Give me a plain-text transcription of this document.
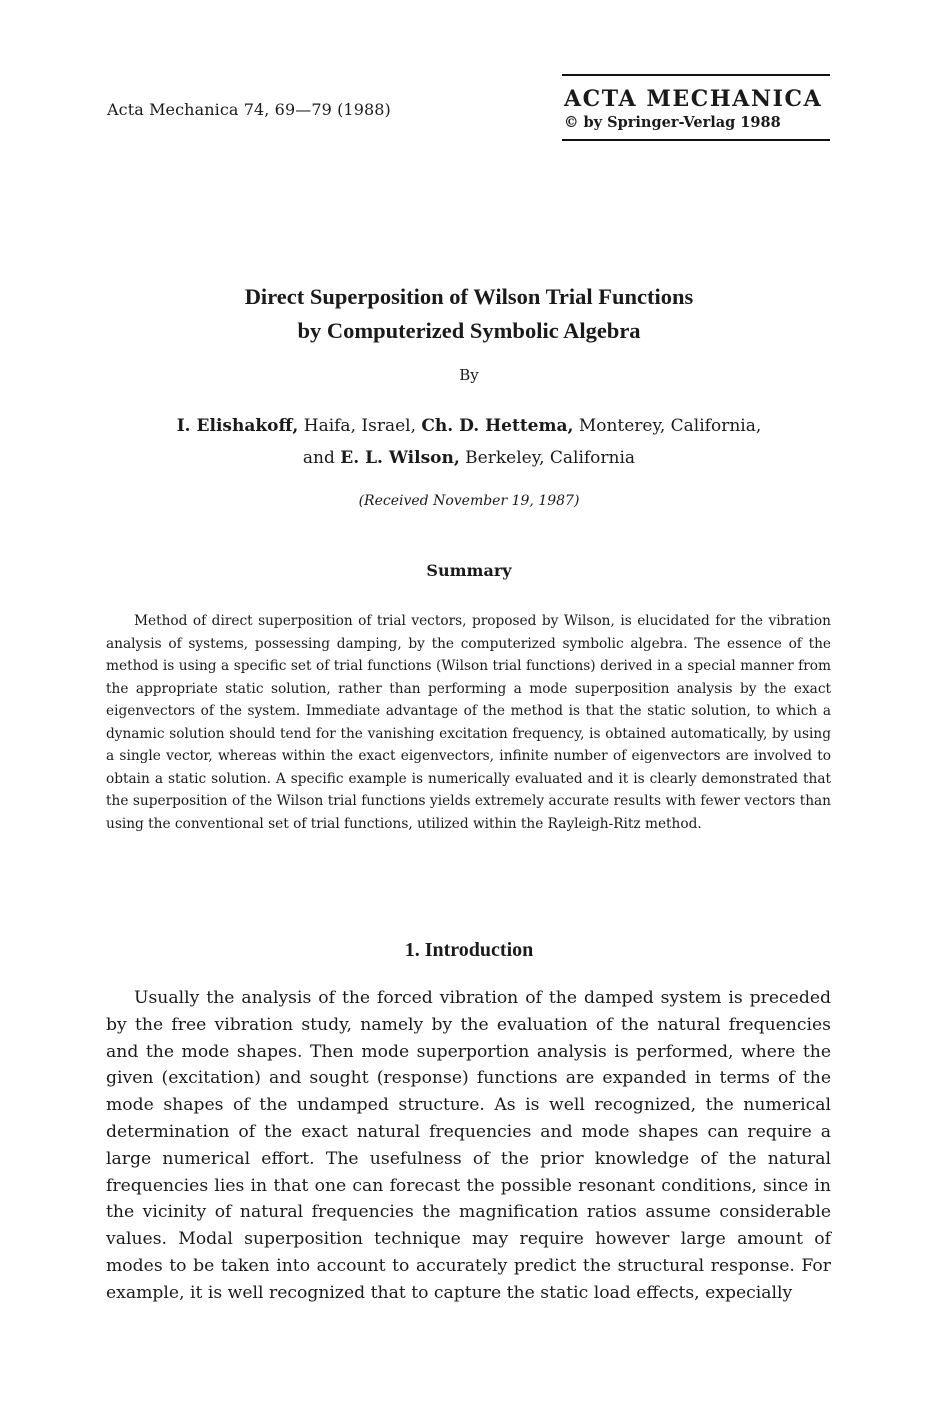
Acta Mechanica 74, 69—79 (1988)	ACTA MECHANICA
© by Springer-Verlag 1988
Direct Superposition of Wilson Trial Functions
by Computerized Symbolic Algebra
By
I. Elishakoff, Haifa, Israel, Ch. D. Hettema, Monterey, California,
and E. L. Wilson, Berkeley, California
(Received November 19, 1987)
Summary

Method of direct superposition of trial vectors, proposed by Wilson, is elucidated for the vibration analysis of systems, possessing damping, by the computerized symbolic algebra. The essence of the method is using a specific set of trial functions (Wilson trial functions) derived in a special manner from the appropriate static solution, rather than performing a mode superposition analysis by the exact eigenvectors of the system. Immediate advantage of the method is that the static solution, to which a dynamic solution should tend for the vanishing excitation frequency, is obtained automatically, by using a single vector, whereas within the exact eigenvectors, infinite number of eigenvectors are involved to obtain a static solution. A specific example is numerically evaluated and it is clearly demonstrated that the superposition of the Wilson trial functions yields extremely accurate results with fewer vectors than using the conventional set of trial functions, utilized within the Rayleigh-Ritz method.

1. Introduction

Usually the analysis of the forced vibration of the damped system is preceded by the free vibration study, namely by the evaluation of the natural frequencies and the mode shapes. Then mode superportion analysis is performed, where the given (excitation) and sought (response) functions are expanded in terms of the mode shapes of the undamped structure. As is well recognized, the numerical determination of the exact natural frequencies and mode shapes can require a large numerical effort. The usefulness of the prior knowledge of the natural frequencies lies in that one can forecast the possible resonant conditions, since in the vicinity of natural frequencies the magnification ratios assume considerable values. Modal superposition technique may require however large amount of modes to be taken into account to accurately predict the structural response. For example, it is well recognized that to capture the static load effects, expecially
